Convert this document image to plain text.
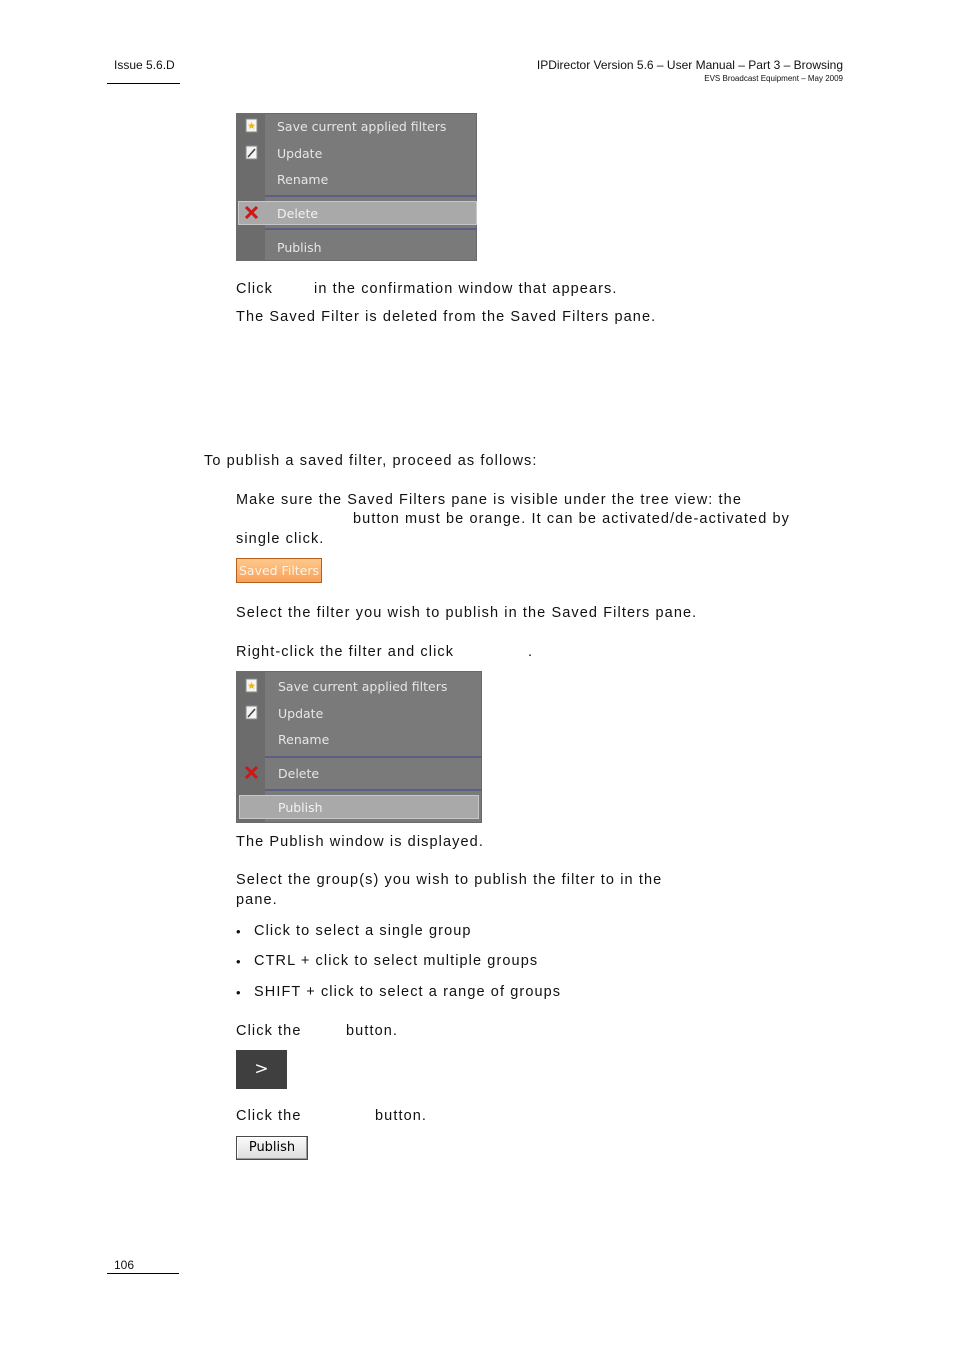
Issue 5.6.D	IPDirector Version 5.6 – User Manual – Part 3 – Browsing
EVS Broadcast Equipment – May 2009
Save current applied filters
Update
Rename
Delete
Publish
Click	in the confirmation window that appears.
The Saved Filter is deleted from the Saved Filters pane.
To publish a saved filter, proceed as follows:
Make sure the Saved Filters pane is visible under the tree view: the
button must be orange. It can be activated/de-activated by
single click.
Saved Filters
Select the filter you wish to publish in the Saved Filters pane.
Right-click the filter and click	.
Save current applied filters
Update
Rename
Delete
Publish
The Publish window is displayed.
Select the group(s) you wish to publish the filter to in the
pane.
• Click to select a single group
• CTRL + click to select multiple groups
• SHIFT + click to select a range of groups
Click the	button.
>
Click the	button.
Publish
106
